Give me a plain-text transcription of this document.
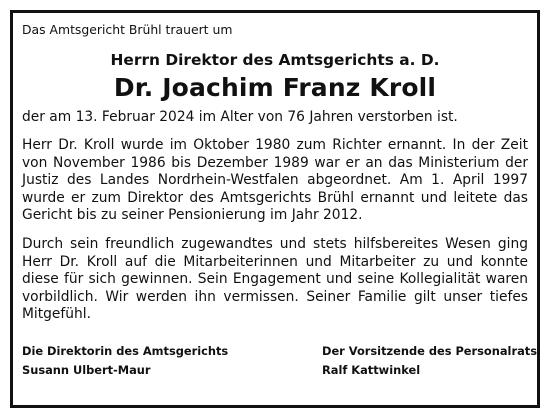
Das Amtsgericht Brühl trauert um

Herrn Direktor des Amtsgerichts a. D.

Dr. Joachim Franz Kroll

der am 13. Februar 2024 im Alter von 76 Jahren verstorben ist.

Herr Dr. Kroll wurde im Oktober 1980 zum Richter ernannt. In der Zeit von November 1986 bis Dezember 1989 war er an das Ministerium der Justiz des Landes Nordrhein-Westfalen abgeordnet. Am 1. April 1997 wurde er zum Direktor des Amtsgerichts Brühl ernannt und leitete das Gericht bis zu seiner Pensionierung im Jahr 2012.

Durch sein freundlich zugewandtes und stets hilfsbereites Wesen ging Herr Dr. Kroll auf die Mitarbeiterinnen und Mitarbeiter zu und konnte diese für sich gewinnen. Sein Engagement und seine Kollegialität waren vorbildlich. Wir werden ihn vermissen. Seiner Familie gilt unser tiefes Mitgefühl.

Die Direktorin des Amtsgerichts
Susann Ulbert-Maur
Der Vorsitzende des Personalrats
Ralf Kattwinkel
